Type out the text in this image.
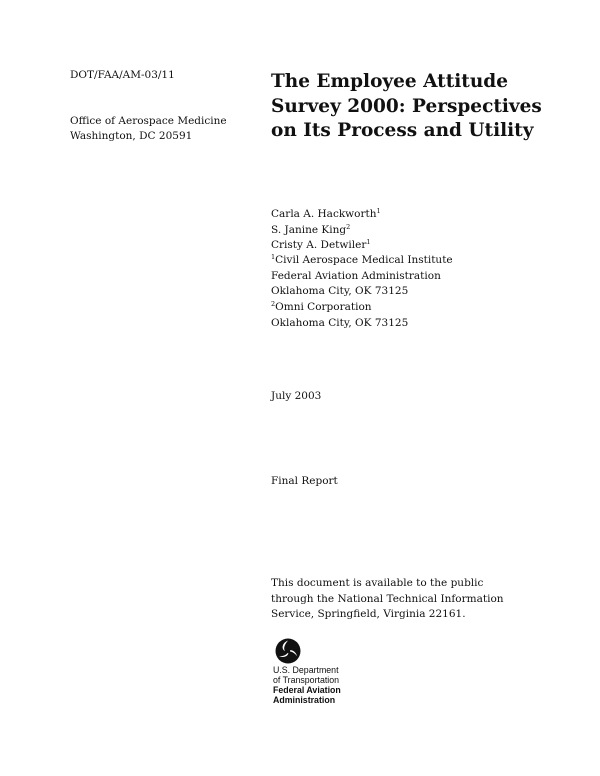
DOT/FAA/AM-03/11
Office of Aerospace Medicine
Washington, DC 20591
The Employee Attitude
Survey 2000: Perspectives
on Its Process and Utility
Carla A. Hackworth$^1$
S. Janine King$^2$
Cristy A. Detwiler$^1$
$^1$Civil Aerospace Medical Institute
Federal Aviation Administration
Oklahoma City, OK 73125
$^2$Omni Corporation
Oklahoma City, OK 73125
July 2003
Final Report
This document is available to the public
through the National Technical Information
Service, Springfield, Virginia 22161.
U.S. Department
of Transportation
Federal Aviation
Administration
